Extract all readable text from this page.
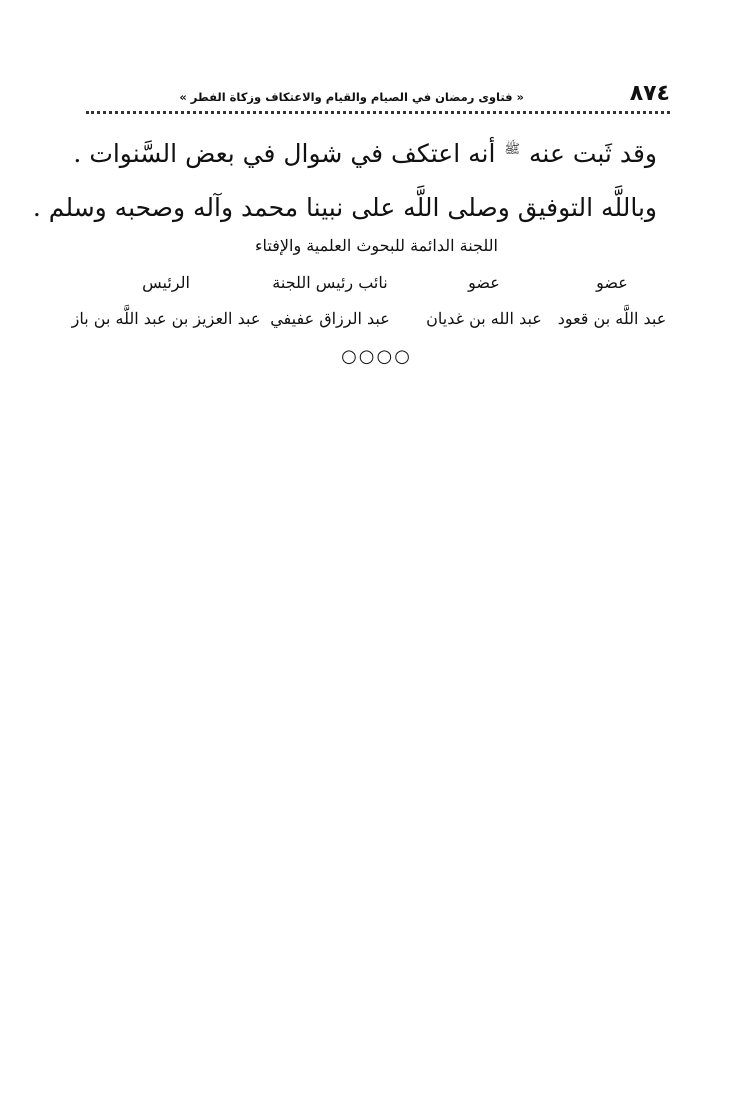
٨٧٤
« فتاوى رمضان في الصيام والقيام والاعتكاف وزكاة الفطر »
وقد ثَبت عنه $^ﷺ$ أنه اعتكف في شوال في بعض السَّنوات .
وباللَّه التوفيق وصلى اللَّه على نبينا محمد وآله وصحبه وسلم .
اللجنة الدائمة للبحوث العلمية والإفتاء
عضو
عضو
نائب رئيس اللجنة
الرئيس
عبد اللَّه بن قعود
عبد الله بن غديان
عبد الرزاق عفيفي
عبد العزيز بن عبد اللَّه بن باز
○○○○
